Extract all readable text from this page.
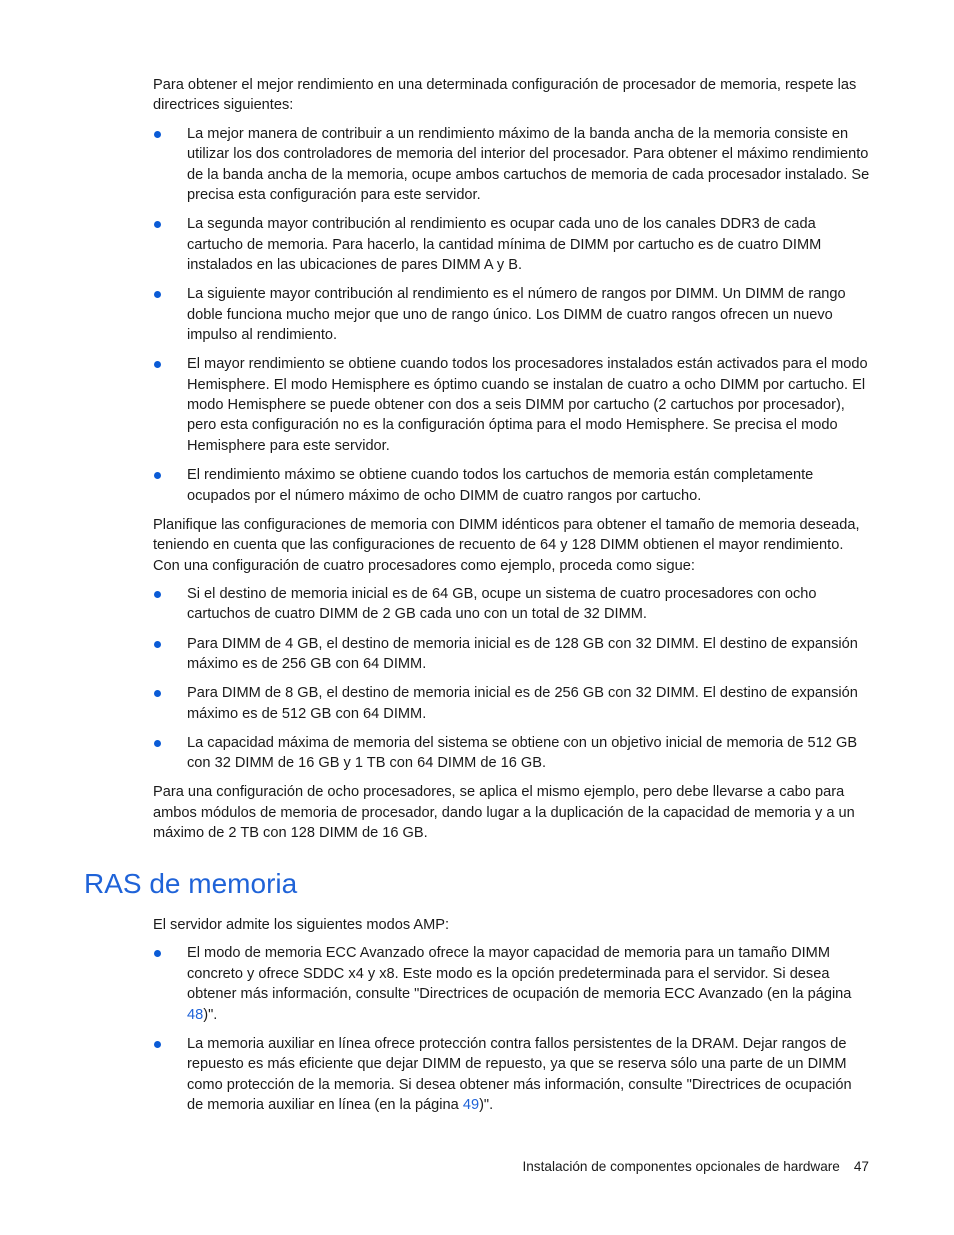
Para obtener el mejor rendimiento en una determinada configuración de procesador de memoria, respete las directrices siguientes:

La mejor manera de contribuir a un rendimiento máximo de la banda ancha de la memoria consiste en utilizar los dos controladores de memoria del interior del procesador. Para obtener el máximo rendimiento de la banda ancha de la memoria, ocupe ambos cartuchos de memoria de cada procesador instalado. Se precisa esta configuración para este servidor.
La segunda mayor contribución al rendimiento es ocupar cada uno de los canales DDR3 de cada cartucho de memoria. Para hacerlo, la cantidad mínima de DIMM por cartucho es de cuatro DIMM instalados en las ubicaciones de pares DIMM A y B.
La siguiente mayor contribución al rendimiento es el número de rangos por DIMM. Un DIMM de rango doble funciona mucho mejor que uno de rango único. Los DIMM de cuatro rangos ofrecen un nuevo impulso al rendimiento.
El mayor rendimiento se obtiene cuando todos los procesadores instalados están activados para el modo Hemisphere. El modo Hemisphere es óptimo cuando se instalan de cuatro a ocho DIMM por cartucho. El modo Hemisphere se puede obtener con dos a seis DIMM por cartucho (2 cartuchos por procesador), pero esta configuración no es la configuración óptima para el modo Hemisphere. Se precisa el modo Hemisphere para este servidor.
El rendimiento máximo se obtiene cuando todos los cartuchos de memoria están completamente ocupados por el número máximo de ocho DIMM de cuatro rangos por cartucho.

Planifique las configuraciones de memoria con DIMM idénticos para obtener el tamaño de memoria deseada, teniendo en cuenta que las configuraciones de recuento de 64 y 128 DIMM obtienen el mayor rendimiento. Con una configuración de cuatro procesadores como ejemplo, proceda como sigue:

Si el destino de memoria inicial es de 64 GB, ocupe un sistema de cuatro procesadores con ocho cartuchos de cuatro DIMM de 2 GB cada uno con un total de 32 DIMM.
Para DIMM de 4 GB, el destino de memoria inicial es de 128 GB con 32 DIMM. El destino de expansión máximo es de 256 GB con 64 DIMM.
Para DIMM de 8 GB, el destino de memoria inicial es de 256 GB con 32 DIMM. El destino de expansión máximo es de 512 GB con 64 DIMM.
La capacidad máxima de memoria del sistema se obtiene con un objetivo inicial de memoria de 512 GB con 32 DIMM de 16 GB y 1 TB con 64 DIMM de 16 GB.

Para una configuración de ocho procesadores, se aplica el mismo ejemplo, pero debe llevarse a cabo para ambos módulos de memoria de procesador, dando lugar a la duplicación de la capacidad de memoria y a un máximo de 2 TB con 128 DIMM de 16 GB.

RAS de memoria

El servidor admite los siguientes modos AMP:

El modo de memoria ECC Avanzado ofrece la mayor capacidad de memoria para un tamaño DIMM concreto y ofrece SDDC x4 y x8. Este modo es la opción predeterminada para el servidor. Si desea obtener más información, consulte "Directrices de ocupación de memoria ECC Avanzado (en la página 48)".
La memoria auxiliar en línea ofrece protección contra fallos persistentes de la DRAM. Dejar rangos de repuesto es más eficiente que dejar DIMM de repuesto, ya que se reserva sólo una parte de un DIMM como protección de la memoria. Si desea obtener más información, consulte "Directrices de ocupación de memoria auxiliar en línea (en la página 49)".
Instalación de componentes opcionales de hardware 47
